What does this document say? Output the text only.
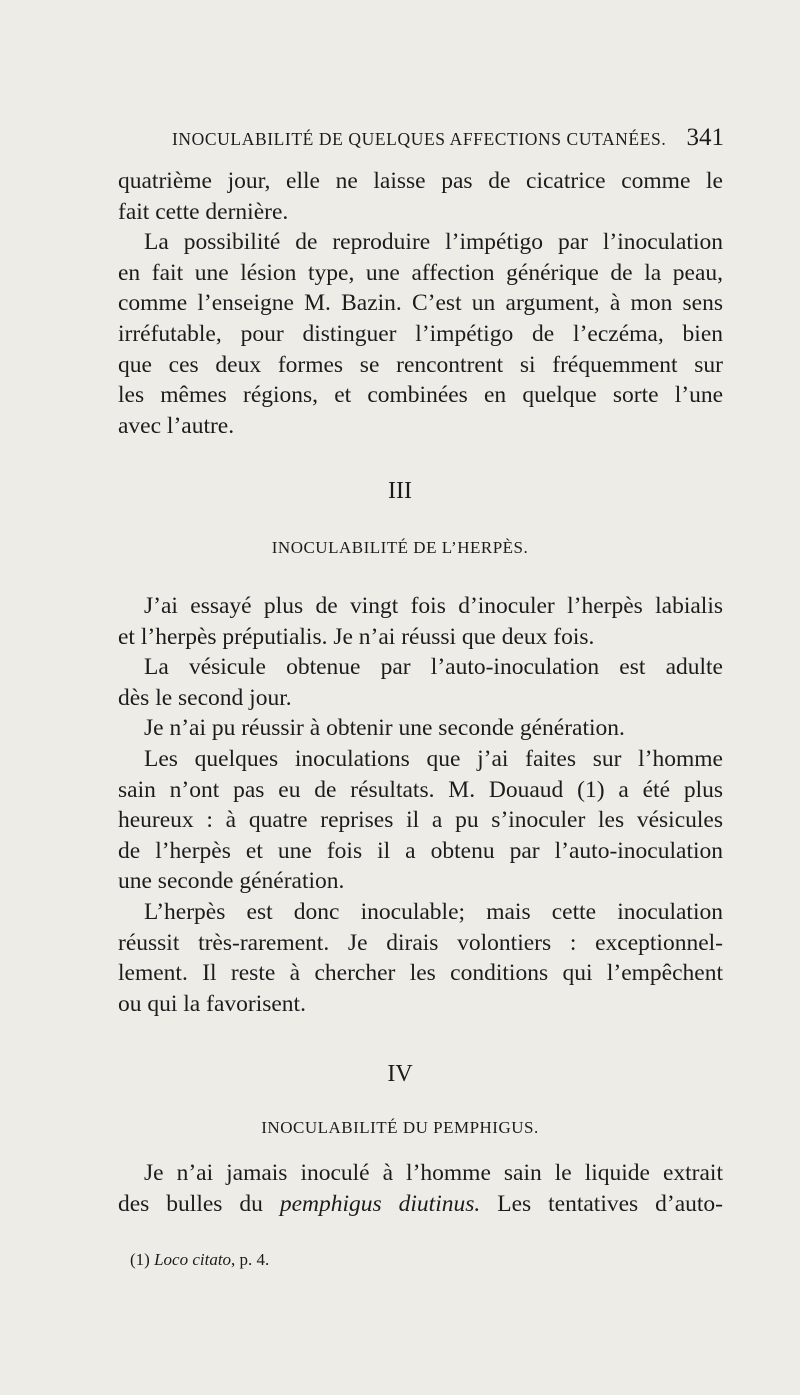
INOCULABILITÉ DE QUELQUES AFFECTIONS CUTANÉES. 341

quatrième jour, elle ne laisse pas de cicatrice comme le

fait cette dernière.

La possibilité de reproduire l’impétigo par l’inoculation

en fait une lésion type, une affection générique de la peau,

comme l’enseigne M. Bazin. C’est un argument, à mon sens

irréfutable, pour distinguer l’impétigo de l’eczéma, bien

que ces deux formes se rencontrent si fréquemment sur

les mêmes régions, et combinées en quelque sorte l’une

avec l’autre.

III
INOCULABILITÉ DE L’HERPÈS.

J’ai essayé plus de vingt fois d’inoculer l’herpès labialis

et l’herpès préputialis. Je n’ai réussi que deux fois.

La vésicule obtenue par l’auto-inoculation est adulte

dès le second jour.

Je n’ai pu réussir à obtenir une seconde génération.

Les quelques inoculations que j’ai faites sur l’homme

sain n’ont pas eu de résultats. M. Douaud (1) a été plus

heureux : à quatre reprises il a pu s’inoculer les vésicules

de l’herpès et une fois il a obtenu par l’auto-inoculation

une seconde génération.

L’herpès est donc inoculable; mais cette inoculation

réussit très-rarement. Je dirais volontiers : exceptionnel-

lement. Il reste à chercher les conditions qui l’empêchent

ou qui la favorisent.

IV
INOCULABILITÉ DU PEMPHIGUS.

Je n’ai jamais inoculé à l’homme sain le liquide extrait

des bulles du pemphigus diutinus. Les tentatives d’auto-

(1) Loco citato, p. 4.
